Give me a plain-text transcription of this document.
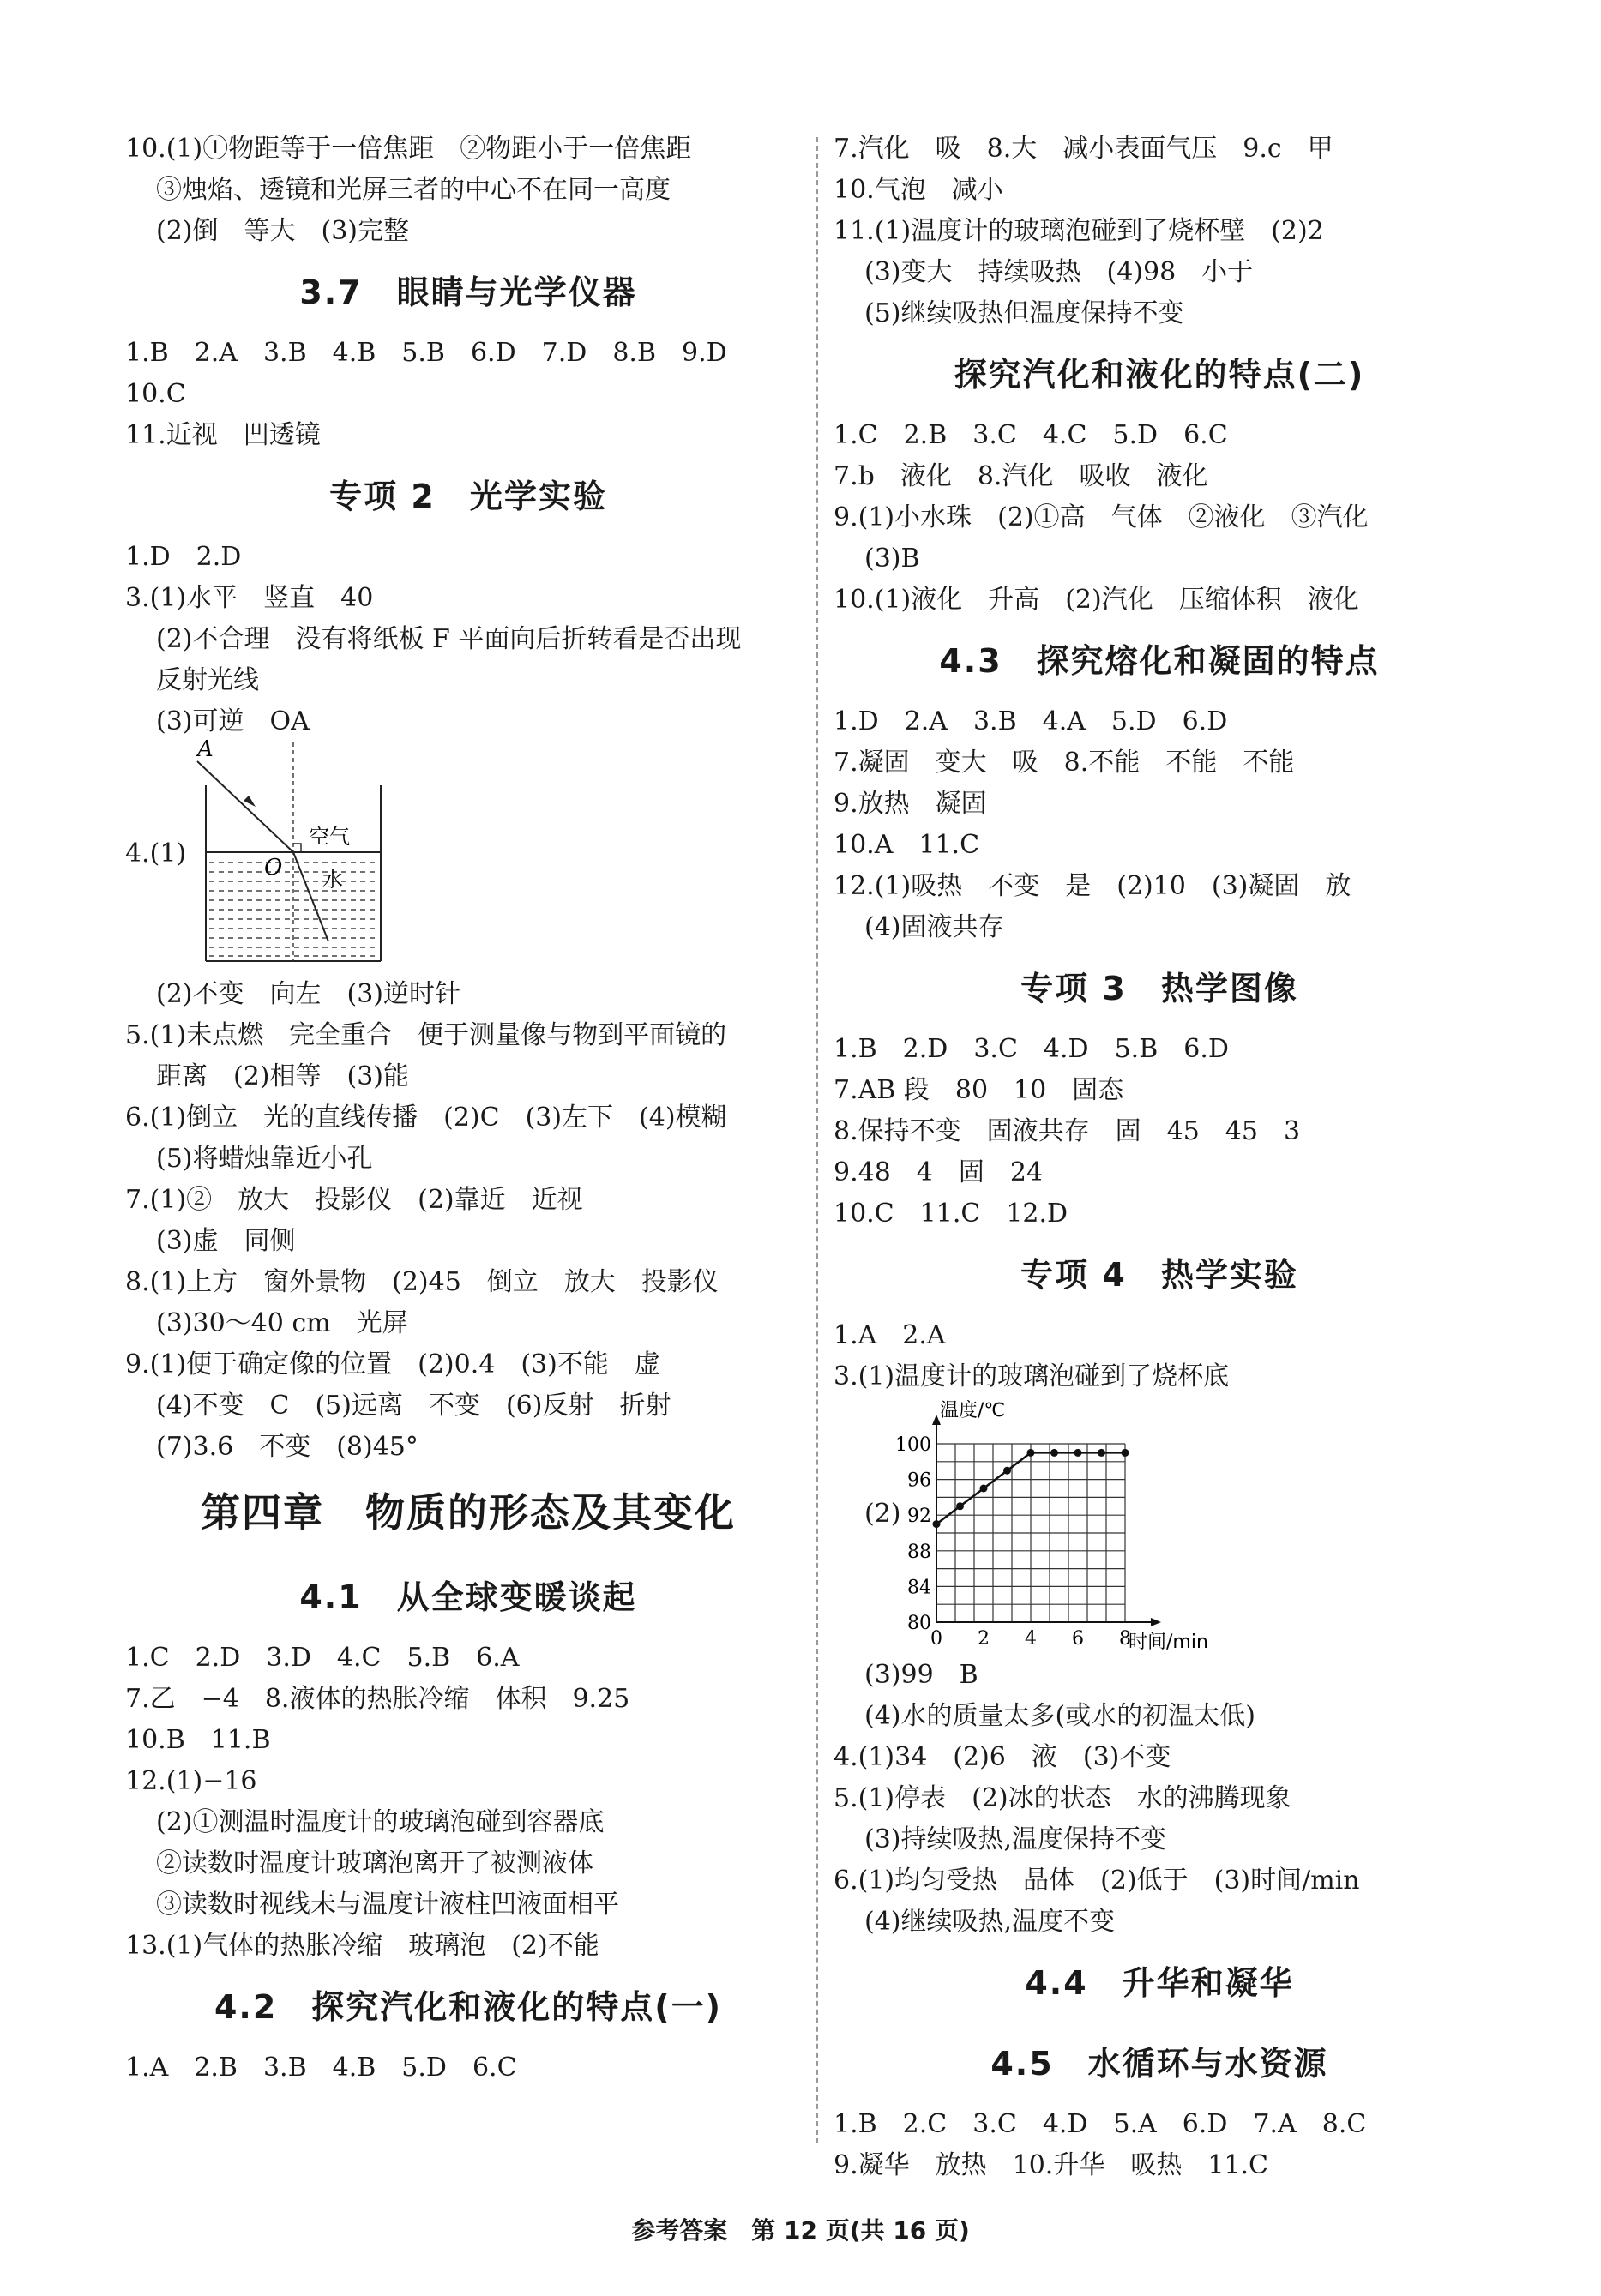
10.(1)①物距等于一倍焦距　②物距小于一倍焦距
③烛焰、透镜和光屏三者的中心不在同一高度
(2)倒　等大　(3)完整
3.7　眼睛与光学仪器
1.B　2.A　3.B　4.B　5.B　6.D　7.D　8.B　9.D
10.C
11.近视　凹透镜
专项 2　光学实验
1.D　2.D
3.(1)水平　竖直　40
(2)不合理　没有将纸板 F 平面向后折转看是否出现
反射光线
(3)可逆　OA
4.(1)
A
O
空气
水
(2)不变　向左　(3)逆时针
5.(1)未点燃　完全重合　便于测量像与物到平面镜的
距离　(2)相等　(3)能
6.(1)倒立　光的直线传播　(2)C　(3)左下　(4)模糊
(5)将蜡烛靠近小孔
7.(1)②　放大　投影仪　(2)靠近　近视
(3)虚　同侧
8.(1)上方　窗外景物　(2)45　倒立　放大　投影仪
(3)30～40 cm　光屏
9.(1)便于确定像的位置　(2)0.4　(3)不能　虚
(4)不变　C　(5)远离　不变　(6)反射　折射
(7)3.6　不变　(8)45°
第四章　物质的形态及其变化
4.1　从全球变暖谈起
1.C　2.D　3.D　4.C　5.B　6.A
7.乙　−4　8.液体的热胀冷缩　体积　9.25
10.B　11.B
12.(1)−16
(2)①测温时温度计的玻璃泡碰到容器底
②读数时温度计玻璃泡离开了被测液体
③读数时视线未与温度计液柱凹液面相平
13.(1)气体的热胀冷缩　玻璃泡　(2)不能
4.2　探究汽化和液化的特点(一)
1.A　2.B　3.B　4.B　5.D　6.C
7.汽化　吸　8.大　减小表面气压　9.c　甲
10.气泡　减小
11.(1)温度计的玻璃泡碰到了烧杯壁　(2)2
(3)变大　持续吸热　(4)98　小于
(5)继续吸热但温度保持不变
探究汽化和液化的特点(二)
1.C　2.B　3.C　4.C　5.D　6.C
7.b　液化　8.汽化　吸收　液化
9.(1)小水珠　(2)①高　气体　②液化　③汽化
(3)B
10.(1)液化　升高　(2)汽化　压缩体积　液化
4.3　探究熔化和凝固的特点
1.D　2.A　3.B　4.A　5.D　6.D
7.凝固　变大　吸　8.不能　不能　不能
9.放热　凝固
10.A　11.C
12.(1)吸热　不变　是　(2)10　(3)凝固　放
(4)固液共存
专项 3　热学图像
1.B　2.D　3.C　4.D　5.B　6.D
7.AB 段　80　10　固态
8.保持不变　固液共存　固　45　45　3
9.48　4　固　24
10.C　11.C　12.D
专项 4　热学实验
1.A　2.A
3.(1)温度计的玻璃泡碰到了烧杯底
(2)
80
84
88
92
96
100
0 2 4 6 8
温度/℃
时间/min
(3)99　B
(4)水的质量太多(或水的初温太低)
4.(1)34　(2)6　液　(3)不变
5.(1)停表　(2)冰的状态　水的沸腾现象
(3)持续吸热,温度保持不变
6.(1)均匀受热　晶体　(2)低于　(3)时间/min
(4)继续吸热,温度不变
4.4　升华和凝华
4.5　水循环与水资源
1.B　2.C　3.C　4.D　5.A　6.D　7.A　8.C
9.凝华　放热　10.升华　吸热　11.C
参考答案　第 12 页(共 16 页)
